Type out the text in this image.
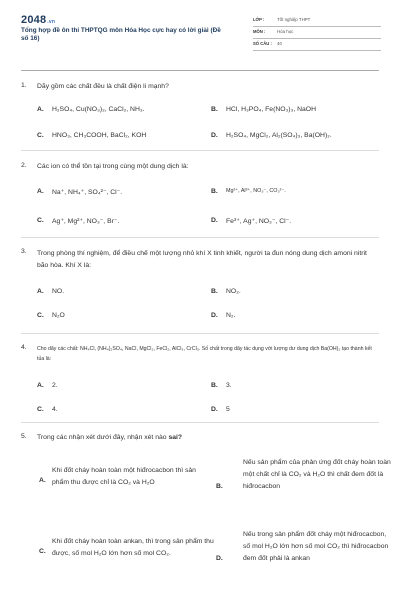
2048.vn
Tổng hợp đề ôn thi THPTQG môn Hóa Học cực hay có lời giải (Đề số 16)
LỚP :	Tốt nghiệp THPT
MÔN :	Hóa học
SỐ CÂU : 40
1. Dãy gồm các chất đều là chất điện li mạnh?
A. H₂SO₄, Cu(NO₃)₂, CaCl₂, NH₃.	B. HCl, H₃PO₄, Fe(NO₃)₃, NaOH
C. HNO₃, CH₃COOH, BaCl₂, KOH	D. H₂SO₄, MgCl₂, Al₂(SO₄)₃, Ba(OH)₂.
2. Các ion có thể tồn tại trong cùng một dung dịch là:
A. Na⁺, NH₄⁺, SO₄²⁻, Cl⁻.	B. Mg²⁺, Al³⁺, NO₃⁻, CO₃²⁻.
C. Ag⁺, Mg²⁺, NO₃⁻, Br⁻.	D. Fe³⁺, Ag⁺, NO₃⁻, Cl⁻.
3. Trong phòng thí nghiệm, để điều chế một lượng nhỏ khí X tinh khiết, người ta đun nóng dung dịch amoni nitrit bão hòa. Khí X là:
A. NO.	B. NO₂.
C. N₂O	D. N₂.
4. Cho dãy các chất: NH₄Cl, (NH₄)₂SO₄, NaCl, MgCl₂, FeCl₂, AlCl₃, CrCl₃. Số chất trong dãy tác dụng với lượng dư dung dịch Ba(OH)₂ tạo thành kết tủa là:
A. 2.	B. 3.
C. 4.	D. 5
5. Trong các nhận xét dưới đây, nhận xét nào sai?
A.
Khi đốt cháy hoàn toàn một hiđrocacbon thì sản phẩm thu được chỉ là CO₂ và H₂O
B.
Nếu sản phẩm của phản ứng đốt cháy hoàn toàn một chất chỉ là CO₂ và H₂O thì chất đem đốt là hiđrocacbon
C.
Khi đốt cháy hoàn toàn ankan, thì trong sản phẩm thu được, số mol H₂O lớn hơn số mol CO₂.
D.
Nếu trong sản phẩm đốt cháy một hiđrocacbon, số mol H₂O lớn hơn số mol CO₂ thì hiđrocacbon đem đốt phải là ankan
